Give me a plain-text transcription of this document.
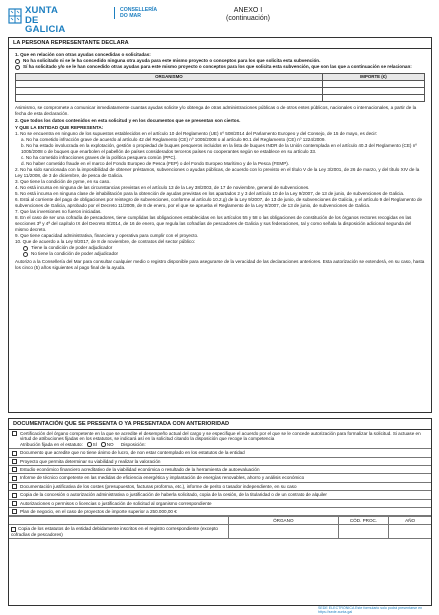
XUNTA
DE GALICIA
CONSELLERÍA
DO MAR
ANEXO I
(continuación)
LA PERSONA REPRESENTANTE DECLARA
1. Que en relación con otras ayudas concedidas o solicitadas:
No ha solicitado ni se le ha concedido ninguna otra ayuda para este mismo proyecto o conceptos para los que solicita esta subvención.
Sí ha solicitado y/o se le han concedido otras ayudas para este mismo proyecto o conceptos para los que solicita esta subvención, que son las que a continuación se relacionan:
ORGANISMO	IMPORTE (€)

Asimismo, se compromete a comunicar inmediatamente cuantas ayudas solicite y/o obtenga de otras administraciones públicas o de otros entes públicos, nacionales o internacionales, a partir de la fecha de esta declaración.
2. Que todos los datos contenidos en esta solicitud y en los documentos que se presentan son ciertos.
Y QUE LA ENTIDAD QUE REPRESENTA:
1. No se encuentra en ninguno de los supuestos establecidos en el artículo 10 del Reglamento (UE) nº 508/2014 del Parlamento Europeo y del Consejo, de 15 de mayo, es decir:
a. No ha cometido infracción grave de acuerdo al artículo 42 del Reglamento (CE) nº 1005/2008 o al artículo 90.1 del Reglamento (CE) nº 1224/2009.
b. No ha estado involucrada en la explotación, gestión o propiedad de buques pesqueros incluidos en la lista de buques INDR de la Unión contemplada en el artículo 40.3 del Reglamento (CE) nº 1005/2008 o de buques que enarbolen el pabellón de países considerados terceros países no cooperantes según se establece en su artículo 33.
c. No ha cometido infracciones graves de la política pesquera común (PPC).
d. No haber cometido fraude en el marco del Fondo Europeo de Pesca (FEP) o del Fondo Europeo Marítimo y de la Pesca (FEMP).
2. No ha sido sancionada con la imposibilidad de obtener préstamos, subvenciones o ayudas públicas, de acuerdo con lo previsto en el título V de la Ley 3/2001, de 26 de marzo, y del título XIV de la Ley 11/2008, de 3 de diciembre, de pesca de Galicia.
3. Que tiene la condición de pyme, en su caso.
4. No está incursa en ninguna de las circunstancias previstas en el artículo 13 de la Ley 38/2003, de 17 de noviembre, general de subvenciones.
5. No está incursa en ninguna clase de inhabilitación para la obtención de ayudas previstas en los apartados 2 y 3 del artículo 10 de la Ley 9/2007, de 13 de junio, de subvenciones de Galicia.
6. Está al corriente del pago de obligaciones por reintegro de subvenciones, conforme al artículo 10.2.g) de la Ley 9/2007, de 13 de junio, de subvenciones de Galicia, y el artículo 9 del Reglamento de subvenciones de Galicia, aprobado por el Decreto 11/2009, de 8 de enero, por el que se aprueba el Reglamento de la Ley 9/2007, de 13 de junio, de subvenciones de Galicia.
7. Que las inversiones no fueron iniciadas.
8. En el caso de ser una cofradía de pescadores, tiene cumplidas las obligaciones establecidas en los artículos 55 y 58 o las obligaciones de constitución de los órganos rectores recogidas en las secciones 3ª y 4ª del capítulo IX del Decreto 8/2014, de 16 de enero, que regula las cofradías de pescadores de Galicia y sus federaciones, tal y como señala la disposición adicional segunda del mismo decreto.
9. Que tiene capacidad administrativa, financiera y operativa para cumplir con el proyecto.
10. Que de acuerdo a la Ley 9/2017, de 8 de noviembre, de contratos del sector público:
Tiene la condición de poder adjudicador
No tiene la condición de poder adjudicador
Autorizo a la Consellería del Mar para consultar cualquier medio o registro disponible para asegurarse de la veracidad de las declaraciones anteriores. Esta autorización se extenderá, en su caso, hasta los cinco (5) años siguientes al pago final de la ayuda.
DOCUMENTACIÓN QUE SE PRESENTA O YA PRESENTADA CON ANTERIORIDAD
Certificación del órgano competente en la que se acredite el desempeño actual del cargo y se especifique el acuerdo por el que se le concede autorización para formalizar la solicitud. Si actuase en virtud de atribuciones fijadas en los estatutos, se indicará así en la solicitud citando la disposición que recoge la competencia
Atribución fijada en el estatuto: SÍ NO Disposición:
Documento que acredite que no tiene ánimo de lucro, de non estar contemplado en los estatutos de la entidad
Proyecto que permita determinar su viabilidad y realizar la valoración
Estudio económico financiero acreditativo de la viabilidad económica o resultado de la herramienta de autoevaluación
Informe de técnico competente en las medidas de eficiencia energética y implantación de energías renovables, ahorro y análisis económico
Documentación justificativa de los costes (presupuestos, facturas proforma, etc.), informe de perito o tasador independiente, en su caso
Copia de la concesión o autorización administrativa o justificación de haberla solicitado, copia de la cesión, de la titularidad o de un contrato de alquiler
Autorizaciones o permisos o licencias o justificación de solicitud al organismo correspondiente
Plan de negocio, en el caso de proyectos de importe superior a 250.000,00 €
	ÓRGANO	CÓD. PROC.	AÑO
Copia de los estatutos de la entidad debidamente inscritos en el registro correspondiente (excepto cofradías de pescadores)			
SEDE ELECTRÓNICA Este formulario solo podrá presentarse en https://sede.xunta.gal
